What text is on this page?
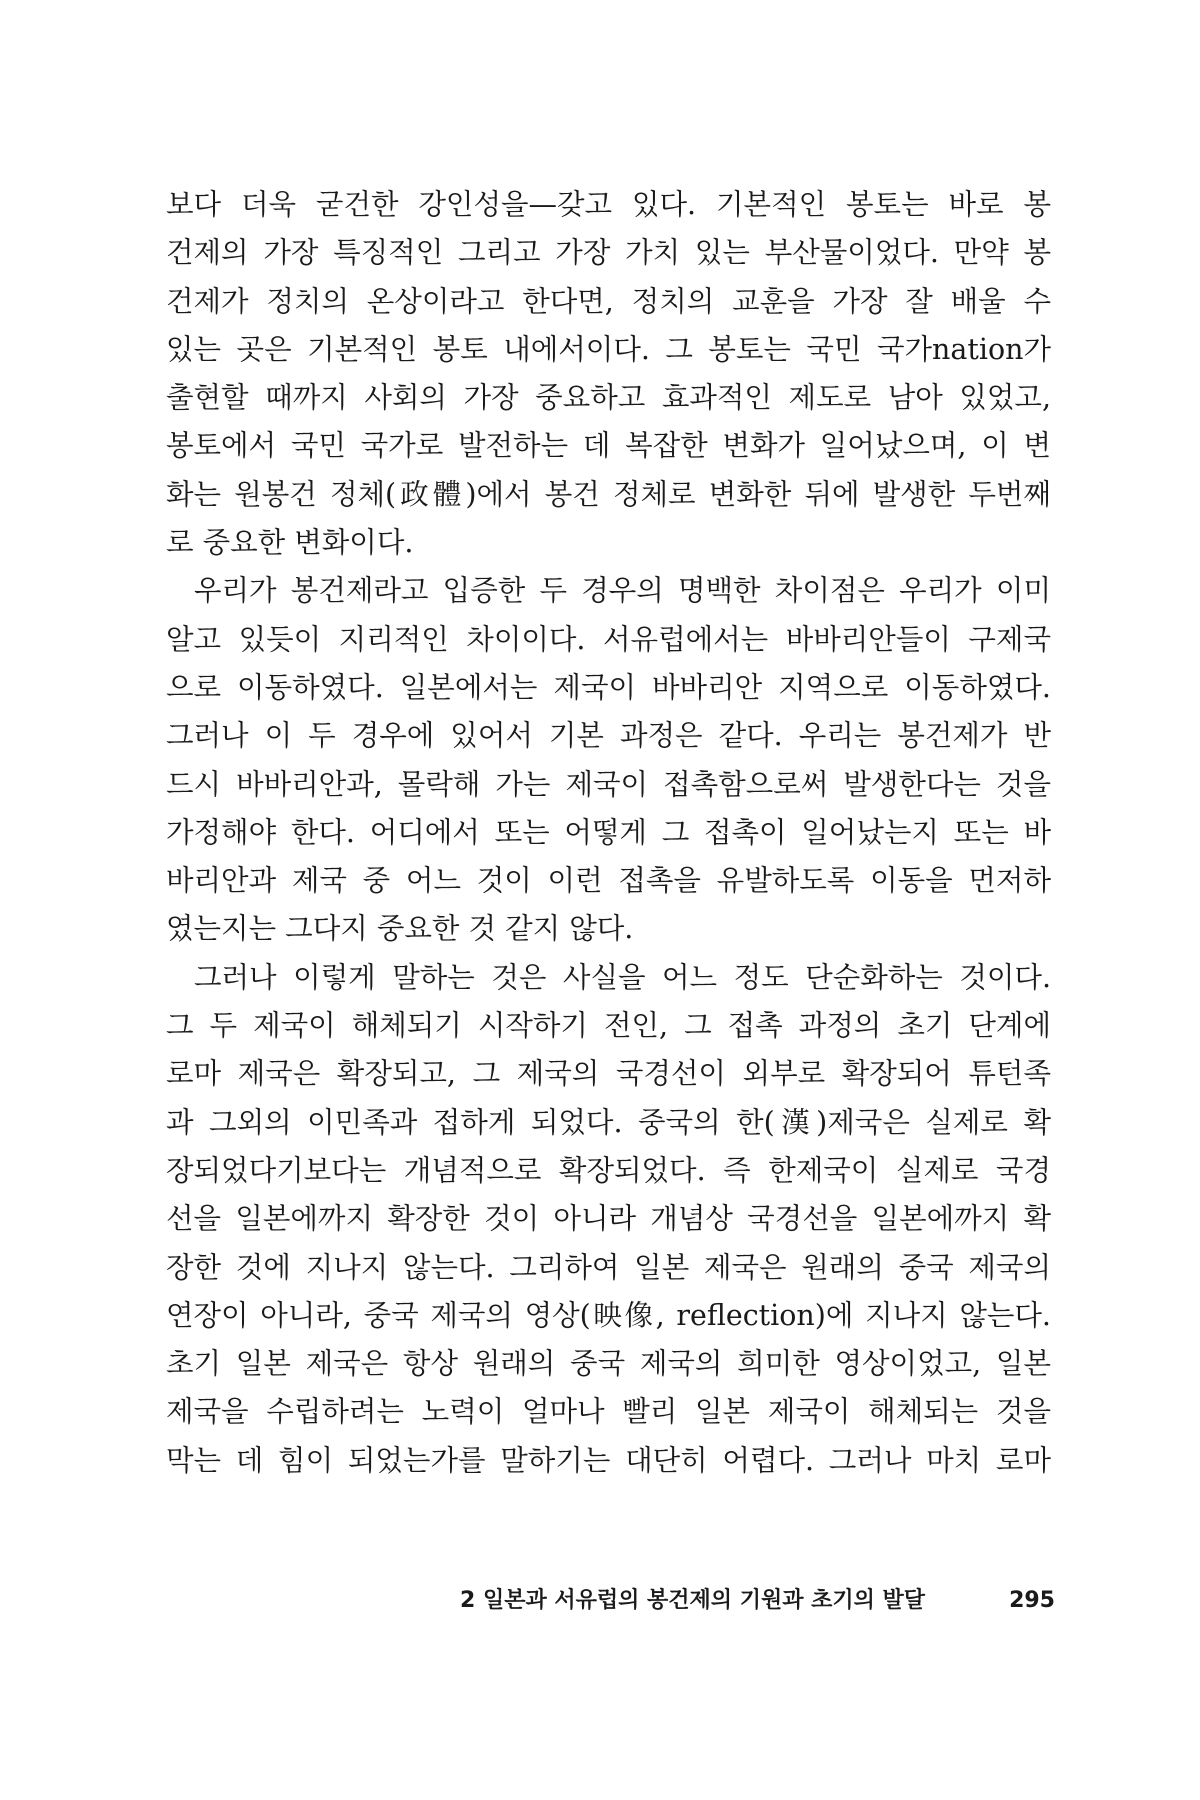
보다 더욱 굳건한 강인성을—갖고 있다. 기본적인 봉토는 바로 봉
건제의 가장 특징적인 그리고 가장 가치 있는 부산물이었다. 만약 봉
건제가 정치의 온상이라고 한다면, 정치의 교훈을 가장 잘 배울 수
있는 곳은 기본적인 봉토 내에서이다. 그 봉토는 국민 국가nation가
출현할 때까지 사회의 가장 중요하고 효과적인 제도로 남아 있었고,
봉토에서 국민 국가로 발전하는 데 복잡한 변화가 일어났으며, 이 변
화는 원봉건 정체(政體)에서 봉건 정체로 변화한 뒤에 발생한 두번째
로 중요한 변화이다.
우리가 봉건제라고 입증한 두 경우의 명백한 차이점은 우리가 이미
알고 있듯이 지리적인 차이이다. 서유럽에서는 바바리안들이 구제국
으로 이동하였다. 일본에서는 제국이 바바리안 지역으로 이동하였다.
그러나 이 두 경우에 있어서 기본 과정은 같다. 우리는 봉건제가 반
드시 바바리안과, 몰락해 가는 제국이 접촉함으로써 발생한다는 것을
가정해야 한다. 어디에서 또는 어떻게 그 접촉이 일어났는지 또는 바
바리안과 제국 중 어느 것이 이런 접촉을 유발하도록 이동을 먼저하
였는지는 그다지 중요한 것 같지 않다.
그러나 이렇게 말하는 것은 사실을 어느 정도 단순화하는 것이다.
그 두 제국이 해체되기 시작하기 전인, 그 접촉 과정의 초기 단계에
로마 제국은 확장되고, 그 제국의 국경선이 외부로 확장되어 튜턴족
과 그외의 이민족과 접하게 되었다. 중국의 한(漢)제국은 실제로 확
장되었다기보다는 개념적으로 확장되었다. 즉 한제국이 실제로 국경
선을 일본에까지 확장한 것이 아니라 개념상 국경선을 일본에까지 확
장한 것에 지나지 않는다. 그리하여 일본 제국은 원래의 중국 제국의
연장이 아니라, 중국 제국의 영상(映像, reflection)에 지나지 않는다.
초기 일본 제국은 항상 원래의 중국 제국의 희미한 영상이었고, 일본
제국을 수립하려는 노력이 얼마나 빨리 일본 제국이 해체되는 것을
막는 데 힘이 되었는가를 말하기는 대단히 어렵다. 그러나 마치 로마
2 일본과 서유럽의 봉건제의 기원과 초기의 발달	295
